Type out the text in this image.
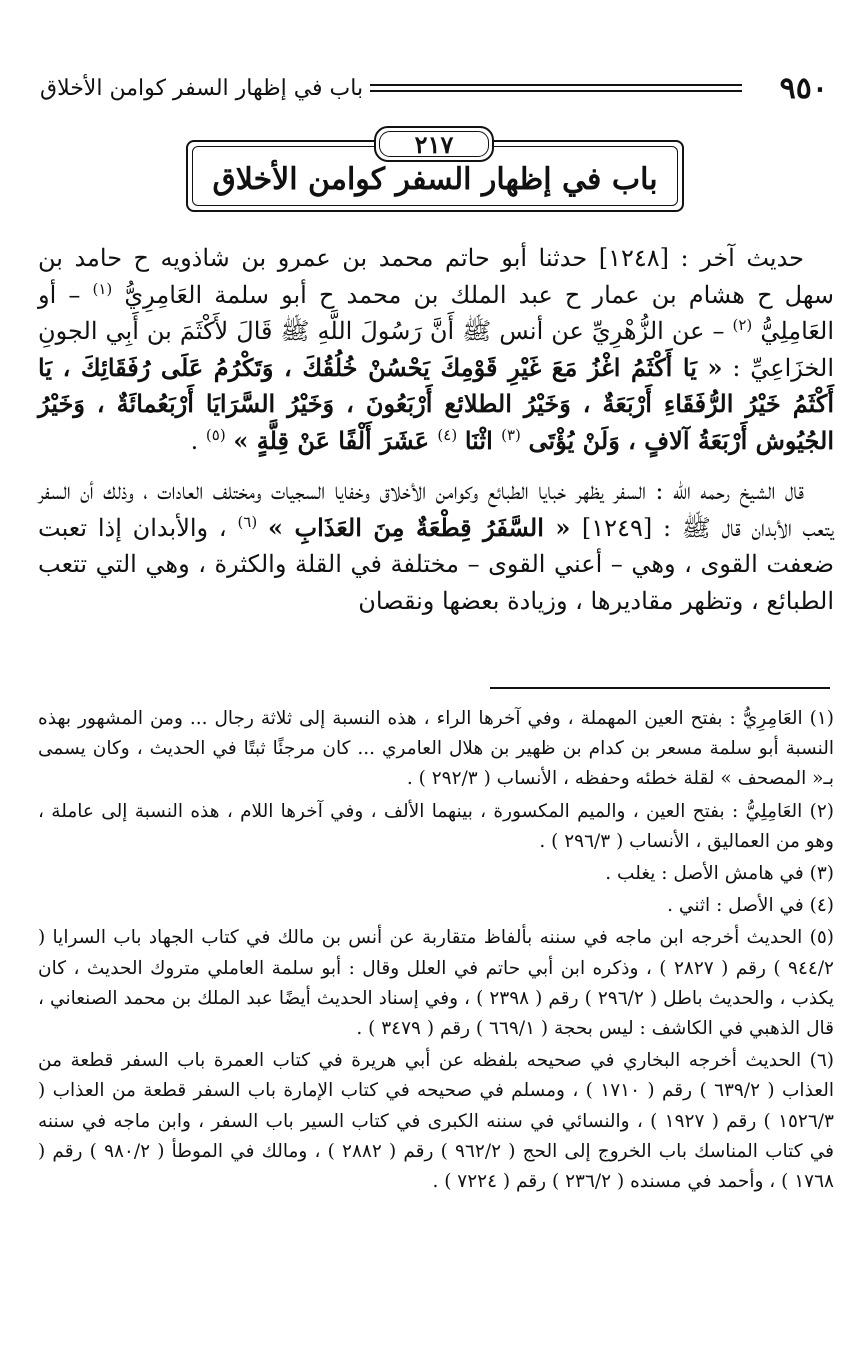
٩٥٠
باب في إظهار السفر كوامن الأخلاق
٢١٧
باب في إظهار السفر كوامن الأخلاق

حديث آخر : [١٢٤٨] حدثنا أبو حاتم محمد بن عمرو بن شاذويه ح حامد بن سهل ح هشام بن عمار ح عبد الملك بن محمد ح أبو سلمة العَامِرِيُّ $^{(١)}$ – أو العَامِلِيُّ $^{(٢)}$ – عن الزُّهْرِيِّ عن أنس ﷺ أَنَّ رَسُولَ اللَّهِ ﷺ قَالَ لأَكْثَمَ بن أَبِي الجونِ الخزَاعِيِّ : « يَا أَكْثَمُ اغْزُ مَعَ غَيْرِ قَوْمِكَ يَحْسُنْ خُلُقُكَ ، وَتَكْرُمُ عَلَى رُفَقَائِكَ ، يَا أَكْثَمُ خَيْرُ الرُّفَقَاءِ أَرْبَعَةٌ ، وَخَيْرُ الطلائع أَرْبَعُونَ ، وَخَيْرُ السَّرَايَا أَرْبَعُمائَةٌ ، وَخَيْرُ الجُيُوش أَرْبَعَةُ آلافٍ ، وَلَنْ يُؤْتَى $^{(٣)}$ اثْنَا $^{(٤)}$ عَشَرَ أَلْفًا عَنْ قِلَّةٍ » $^{(٥)}$ .

قال الشيخ رحمه الله : السفر يظهر خبايا الطبائع وكوامن الأخلاق وخفايا السجيات ومختلف العادات ، وذلك أن السفر يتعب الأبدان قال ﷺ : [١٢٤٩] « السَّفَرُ قِطْعَةٌ مِنَ العَذَابِ » $^{(٦)}$ ، والأبدان إذا تعبت ضعفت القوى ، وهي – أعني القوى – مختلفة في القلة والكثرة ، وهي التي تتعب الطبائع ، وتظهر مقاديرها ، وزيادة بعضها ونقصان

(١) العَامِرِيُّ : بفتح العين المهملة ، وفي آخرها الراء ، هذه النسبة إلى ثلاثة رجال ... ومن المشهور بهذه النسبة أبو سلمة مسعر بن كدام بن ظهير بن هلال العامري ... كان مرجئًا ثبتًا في الحديث ، وكان يسمى بـ« المصحف » لقلة خطئه وحفظه ، الأنساب ( ٢٩٢/٣ ) .

(٢) العَامِلِيُّ : بفتح العين ، والميم المكسورة ، بينهما الألف ، وفي آخرها اللام ، هذه النسبة إلى عاملة ، وهو من العماليق ، الأنساب ( ٢٩٦/٣ ) .

(٣) في هامش الأصل : يغلب .

(٤) في الأصل : اثني .

(٥) الحديث أخرجه ابن ماجه في سننه بألفاظ متقاربة عن أنس بن مالك في كتاب الجهاد باب السرايا ( ٩٤٤/٢ ) رقم ( ٢٨٢٧ ) ، وذكره ابن أبي حاتم في العلل وقال : أبو سلمة العاملي متروك الحديث ، كان يكذب ، والحديث باطل ( ٢٩٦/٢ ) رقم ( ٢٣٩٨ ) ، وفي إسناد الحديث أيضًا عبد الملك بن محمد الصنعاني ، قال الذهبي في الكاشف : ليس بحجة ( ٦٦٩/١ ) رقم ( ٣٤٧٩ ) .

(٦) الحديث أخرجه البخاري في صحيحه بلفظه عن أبي هريرة في كتاب العمرة باب السفر قطعة من العذاب ( ٦٣٩/٢ ) رقم ( ١٧١٠ ) ، ومسلم في صحيحه في كتاب الإمارة باب السفر قطعة من العذاب ( ١٥٢٦/٣ ) رقم ( ١٩٢٧ ) ، والنسائي في سننه الكبرى في كتاب السير باب السفر ، وابن ماجه في سننه في كتاب المناسك باب الخروج إلى الحج ( ٩٦٢/٢ ) رقم ( ٢٨٨٢ ) ، ومالك في الموطأ ( ٩٨٠/٢ ) رقم ( ١٧٦٨ ) ، وأحمد في مسنده ( ٢٣٦/٢ ) رقم ( ٧٢٢٤ ) .
